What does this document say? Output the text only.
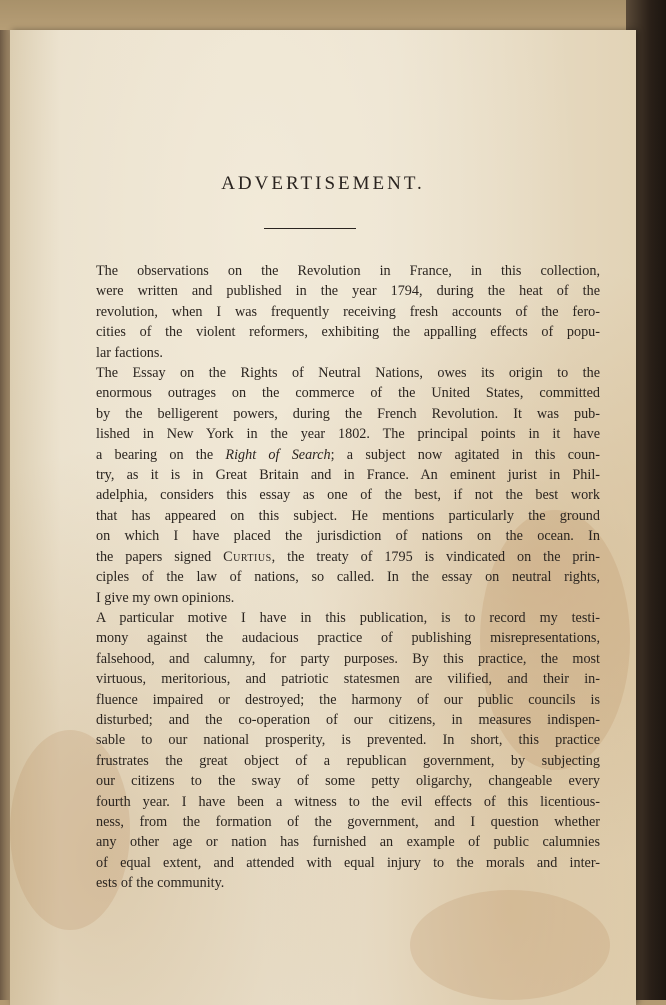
ADVERTISEMENT.
The observations on the Revolution in France, in this collection,
were written and published in the year 1794, during the heat of the
revolution, when I was frequently receiving fresh accounts of the fero-
cities of the violent reformers, exhibiting the appalling effects of popu-
lar factions.
The Essay on the Rights of Neutral Nations, owes its origin to the
enormous outrages on the commerce of the United States, committed
by the belligerent powers, during the French Revolution. It was pub-
lished in New York in the year 1802. The principal points in it have
a bearing on the Right of Search; a subject now agitated in this coun-
try, as it is in Great Britain and in France. An eminent jurist in Phil-
adelphia, considers this essay as one of the best, if not the best work
that has appeared on this subject. He mentions particularly the ground
on which I have placed the jurisdiction of nations on the ocean. In
the papers signed Curtius, the treaty of 1795 is vindicated on the prin-
ciples of the law of nations, so called. In the essay on neutral rights,
I give my own opinions.
A particular motive I have in this publication, is to record my testi-
mony against the audacious practice of publishing misrepresentations,
falsehood, and calumny, for party purposes. By this practice, the most
virtuous, meritorious, and patriotic statesmen are vilified, and their in-
fluence impaired or destroyed; the harmony of our public councils is
disturbed; and the co-operation of our citizens, in measures indispen-
sable to our national prosperity, is prevented. In short, this practice
frustrates the great object of a republican government, by subjecting
our citizens to the sway of some petty oligarchy, changeable every
fourth year. I have been a witness to the evil effects of this licentious-
ness, from the formation of the government, and I question whether
any other age or nation has furnished an example of public calumnies
of equal extent, and attended with equal injury to the morals and inter-
ests of the community.
